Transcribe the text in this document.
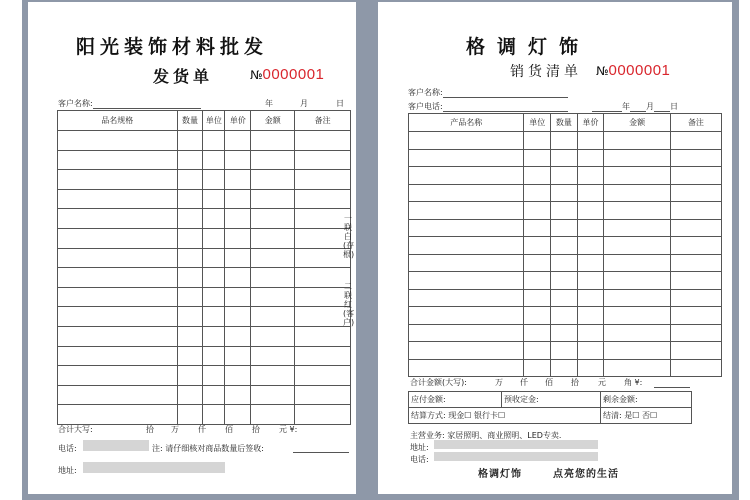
阳光装饰材料批发
发货单	№0000001
客户名称:	年	月	日
品名规格	数量	单位	单价	金额	备注

一联白(存根)
二联红(客户)
合计大写:	拾 万 仟 佰 拾 元 ¥:
电话:	注: 请仔细核对商品数量后签收:
地址:
格调灯饰
销货清单 №0000001
客户名称:
客户电话:	年 月 日
产品名称	单位	数量	单价	金额	备注

合计金额(大写):	万 仟 佰 拾 元 角 ¥:
应付金额:	预收定金:	剩余金额:
结算方式: 现金☐ 银行卡☐		结清: 是☐ 否☐
主营业务: 家居照明、商业照明、LED专卖.
地址:
电话:
格调灯饰	点亮您的生活
